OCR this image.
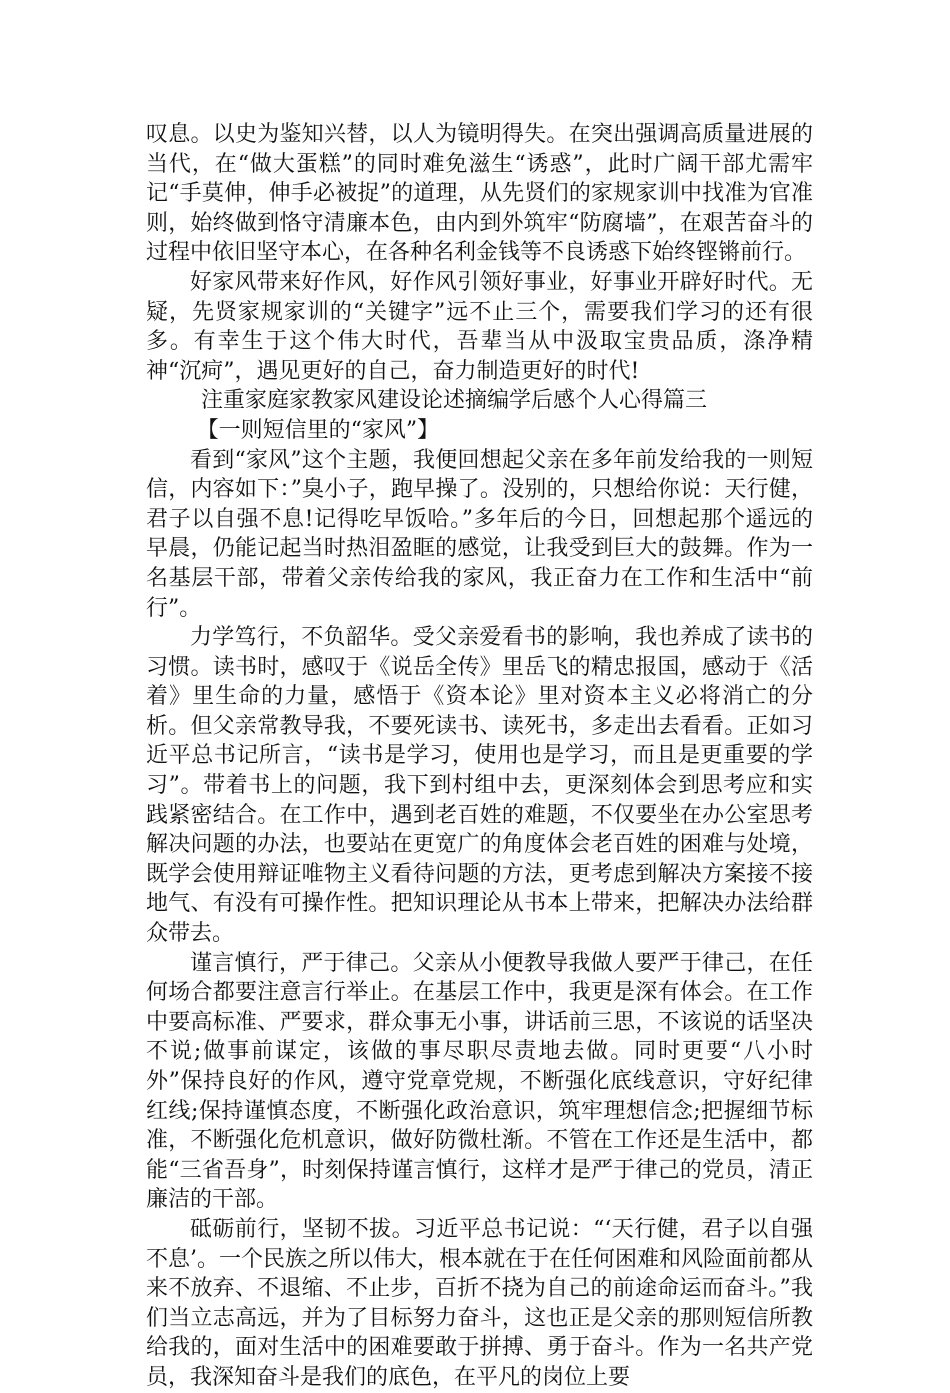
叹息。以史为鉴知兴替，以人为镜明得失。在突出强调高质量进展的当代，在“做大蛋糕”的同时难免滋生“诱惑”，此时广阔干部尤需牢记“手莫伸，伸手必被捉”的道理，从先贤们的家规家训中找准为官准则，始终做到恪守清廉本色，由内到外筑牢“防腐墙”，在艰苦奋斗的过程中依旧坚守本心，在各种名利金钱等不良诱惑下始终铿锵前行。

好家风带来好作风，好作风引领好事业，好事业开辟好时代。无疑，先贤家规家训的“关键字”远不止三个，需要我们学习的还有很多。有幸生于这个伟大时代，吾辈当从中汲取宝贵品质，涤净精神“沉疴”，遇见更好的自己，奋力制造更好的时代!

注重家庭家教家风建设论述摘编学后感个人心得篇三

【一则短信里的“家风”】

看到“家风”这个主题，我便回想起父亲在多年前发给我的一则短信，内容如下：”臭小子，跑早操了。没别的，只想给你说：天行健，君子以自强不息!记得吃早饭哈。”多年后的今日，回想起那个遥远的早晨，仍能记起当时热泪盈眶的感觉，让我受到巨大的鼓舞。作为一名基层干部，带着父亲传给我的家风，我正奋力在工作和生活中“前行”。

力学笃行，不负韶华。受父亲爱看书的影响，我也养成了读书的习惯。读书时，感叹于《说岳全传》里岳飞的精忠报国，感动于《活着》里生命的力量，感悟于《资本论》里对资本主义必将消亡的分析。但父亲常教导我，不要死读书、读死书，多走出去看看。正如习近平总书记所言，“读书是学习，使用也是学习，而且是更重要的学习”。带着书上的问题，我下到村组中去，更深刻体会到思考应和实践紧密结合。在工作中，遇到老百姓的难题，不仅要坐在办公室思考解决问题的办法，也要站在更宽广的角度体会老百姓的困难与处境，既学会使用辩证唯物主义看待问题的方法，更考虑到解决方案接不接地气、有没有可操作性。把知识理论从书本上带来，把解决办法给群众带去。

谨言慎行，严于律己。父亲从小便教导我做人要严于律己，在任何场合都要注意言行举止。在基层工作中，我更是深有体会。在工作中要高标准、严要求，群众事无小事，讲话前三思，不该说的话坚决不说;做事前谋定，该做的事尽职尽责地去做。同时更要“八小时外”保持良好的作风，遵守党章党规，不断强化底线意识，守好纪律红线;保持谨慎态度，不断强化政治意识，筑牢理想信念;把握细节标准，不断强化危机意识，做好防微杜渐。不管在工作还是生活中，都能“三省吾身”，时刻保持谨言慎行，这样才是严于律己的党员，清正廉洁的干部。

砥砺前行，坚韧不拔。习近平总书记说：“‘天行健，君子以自强不息’。一个民族之所以伟大，根本就在于在任何困难和风险面前都从来不放弃、不退缩、不止步，百折不挠为自己的前途命运而奋斗。”我们当立志高远，并为了目标努力奋斗，这也正是父亲的那则短信所教给我的，面对生活中的困难要敢于拼搏、勇于奋斗。作为一名共产党员，我深知奋斗是我们的底色，在平凡的岗位上要
